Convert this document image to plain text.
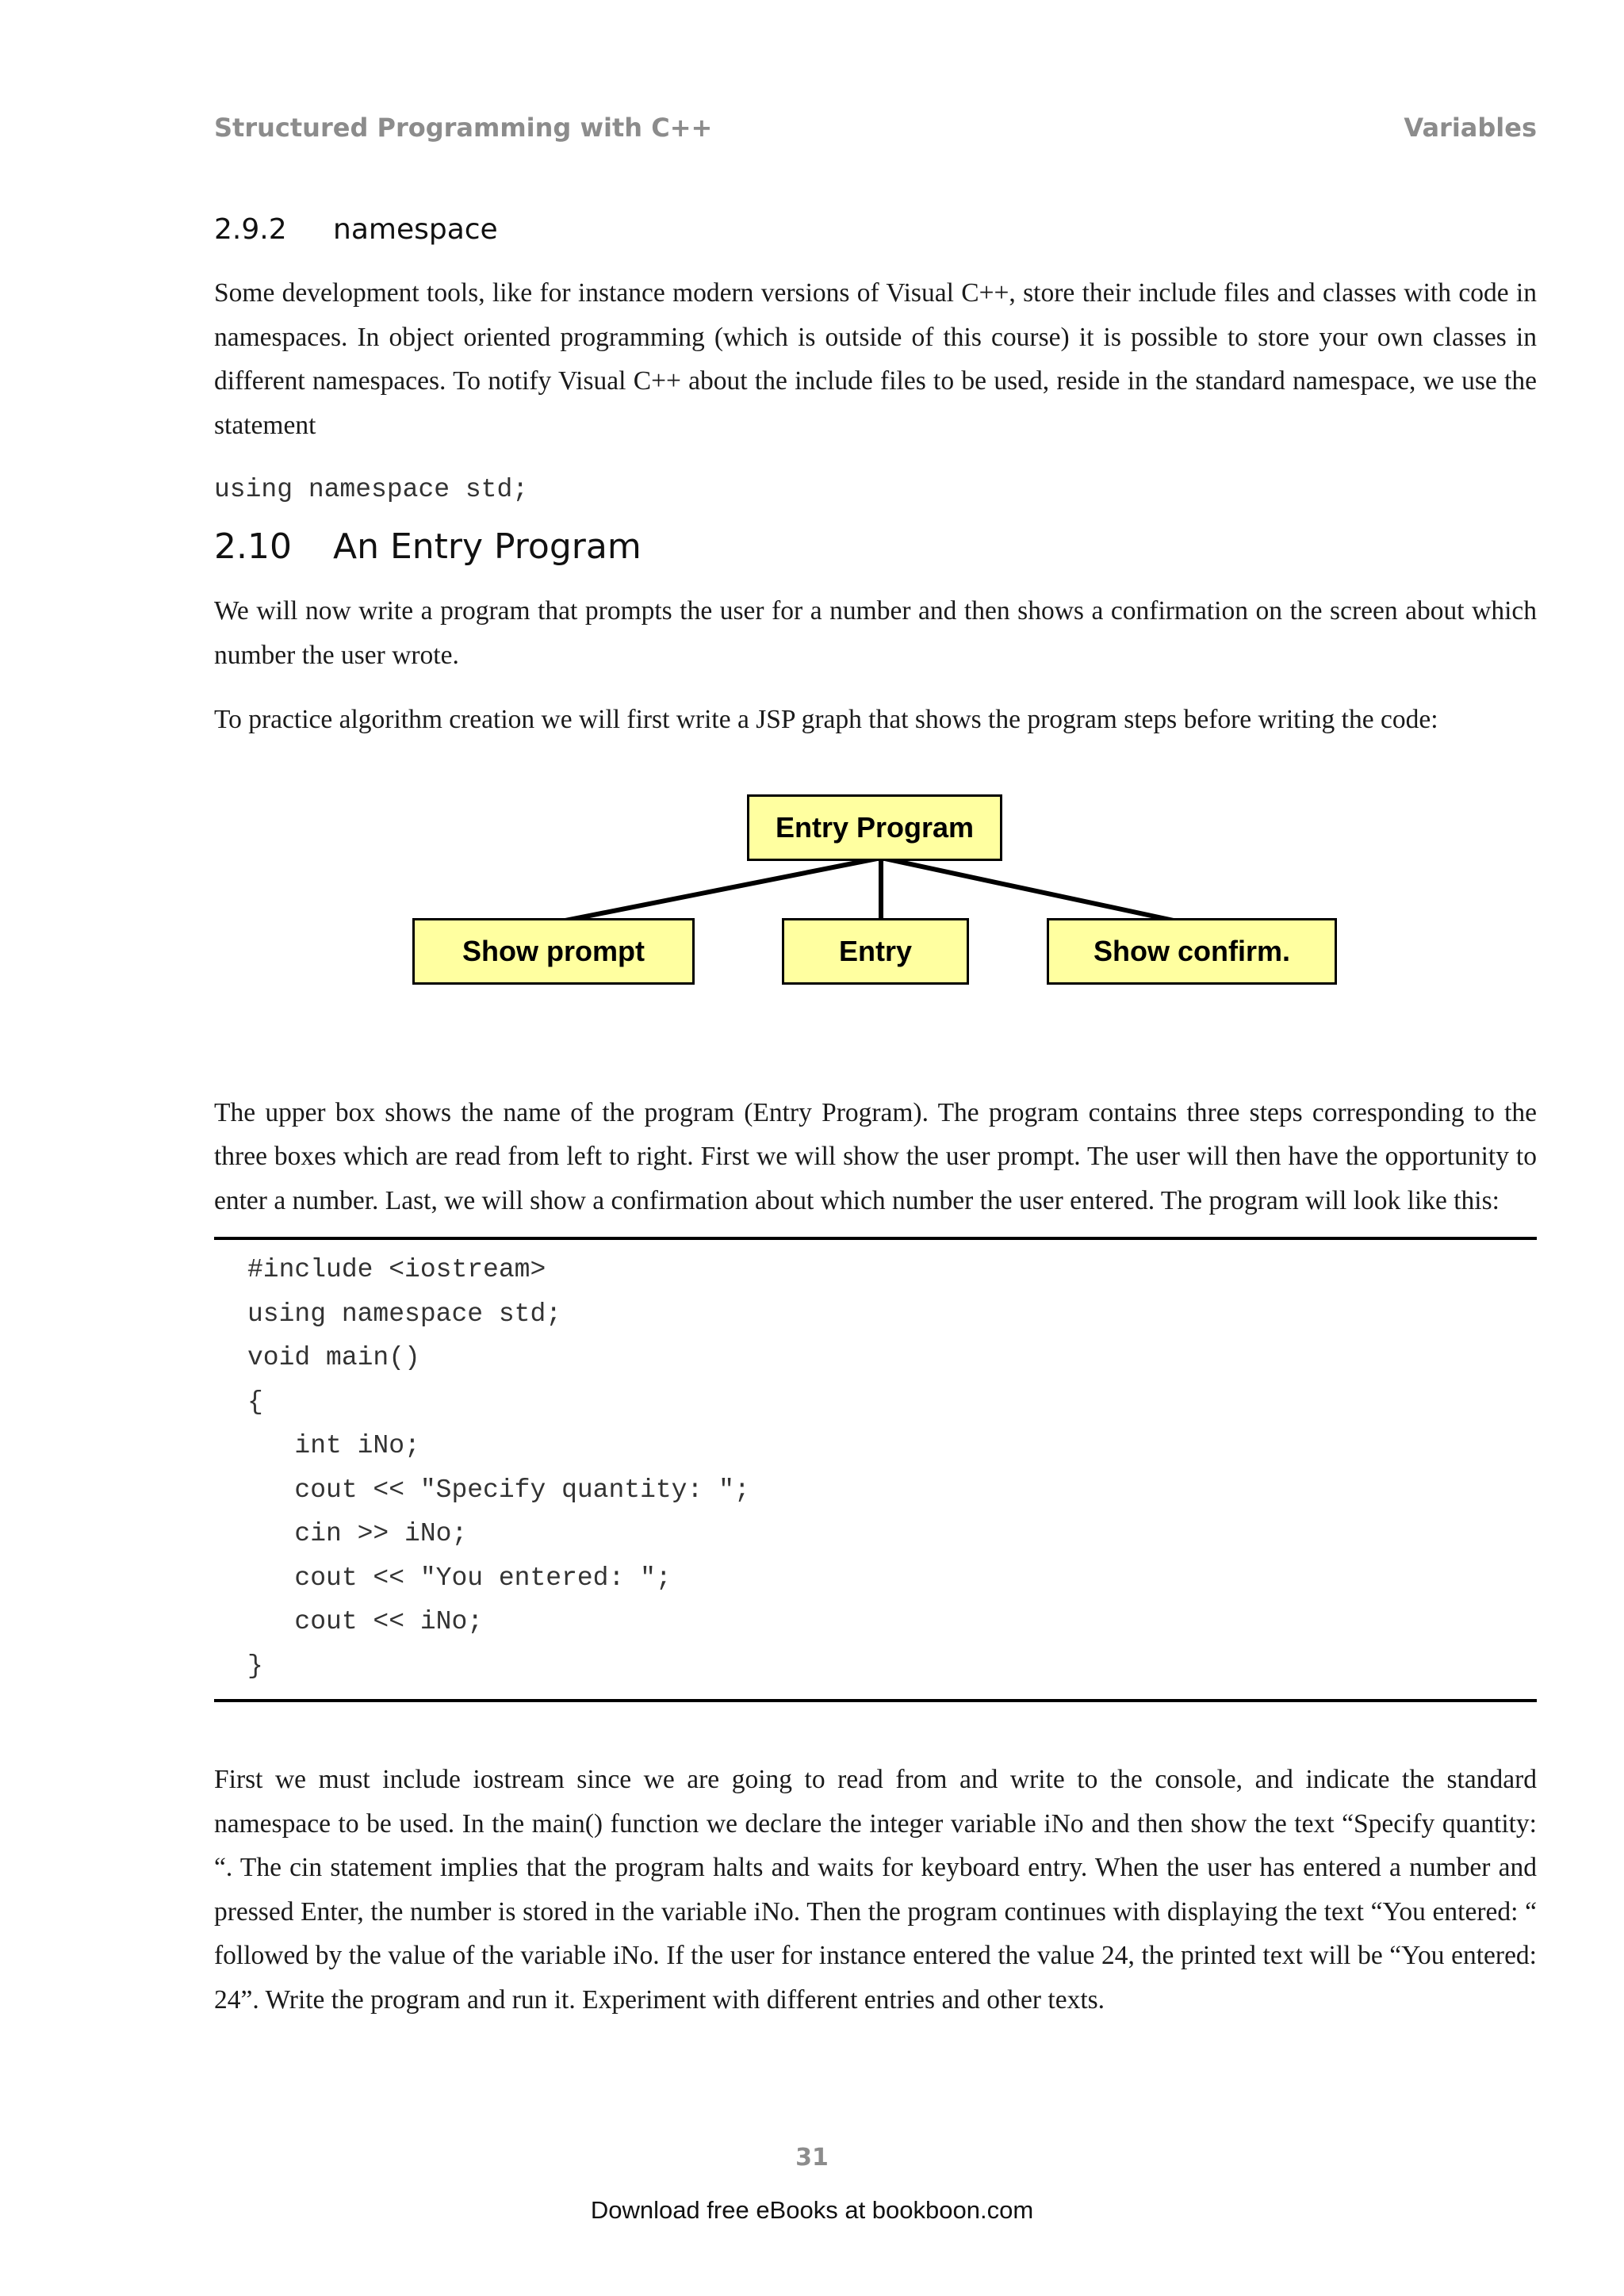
Structured Programming with C++	Variables
2.9.2	namespace

Some development tools, like for instance modern versions of Visual C++, store their include files and classes with code in namespaces. In object oriented programming (which is outside of this course) it is possible to store your own classes in different namespaces. To notify Visual C++ about the include files to be used, reside in the standard namespace, we use the statement

using namespace std;
2.10	An Entry Program

We will now write a program that prompts the user for a number and then shows a confirmation on the screen about which number the user wrote.

To practice algorithm creation we will first write a JSP graph that shows the program steps before writing the code:

Entry Program
Show prompt	Entry	Show confirm.

The upper box shows the name of the program (Entry Program). The program contains three steps corresponding to the three boxes which are read from left to right. First we will show the user prompt. The user will then have the opportunity to enter a number. Last, we will show a confirmation about which number the user entered. The program will look like this:

#include <iostream>
using namespace std;
void main()
{
int iNo;
cout << "Specify quantity: ";
cin >> iNo;
cout << "You entered: ";
cout << iNo;
}

First we must include iostream since we are going to read from and write to the console, and indicate the standard namespace to be used. In the main() function we declare the integer variable iNo and then show the text “Specify quantity: “. The cin statement implies that the program halts and waits for keyboard entry. When the user has entered a number and pressed Enter, the number is stored in the variable iNo. Then the program continues with displaying the text “You entered: “ followed by the value of the variable iNo. If the user for instance entered the value 24, the printed text will be “You entered: 24”. Write the program and run it. Experiment with different entries and other texts.

31
Download free eBooks at bookboon.com
